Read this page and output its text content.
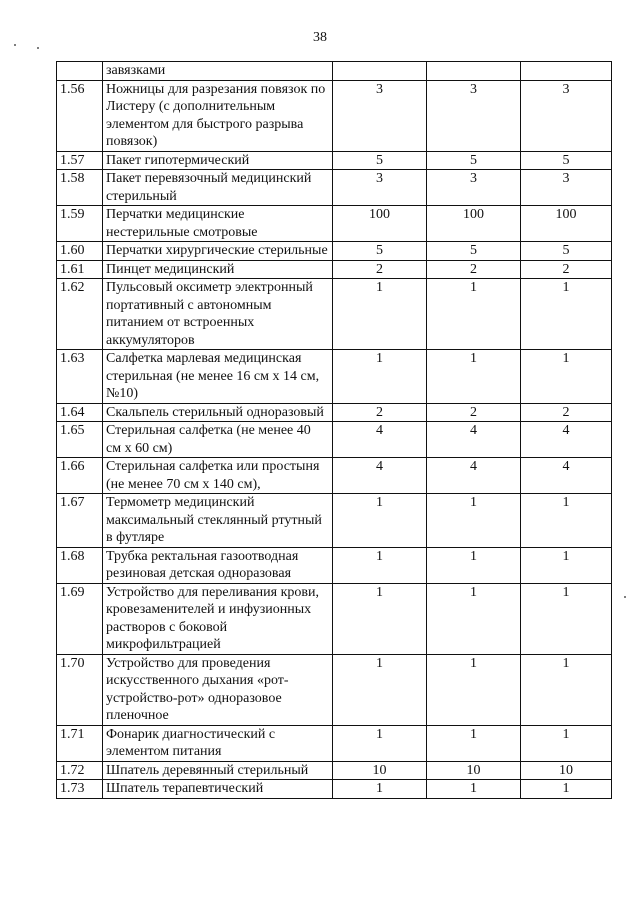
38
	завязками			
1.56	Ножницы для разрезания повязок по Листеру (с дополнительным элементом для быстрого разрыва повязок)	3	3	3
1.57	Пакет гипотермический	5	5	5
1.58	Пакет перевязочный медицинский стерильный	3	3	3
1.59	Перчатки медицинские нестерильные смотровые	100	100	100
1.60	Перчатки хирургические стерильные	5	5	5
1.61	Пинцет медицинский	2	2	2
1.62	Пульсовый оксиметр электронный портативный с автономным питанием от встроенных аккумуляторов	1	1	1
1.63	Салфетка марлевая медицинская стерильная (не менее 16 см х 14 см, №10)	1	1	1
1.64	Скальпель стерильный одноразовый	2	2	2
1.65	Стерильная салфетка (не менее 40 см х 60 см)	4	4	4
1.66	Стерильная салфетка или простыня (не менее 70 см х 140 см),	4	4	4
1.67	Термометр медицинский максимальный стеклянный ртутный в футляре	1	1	1
1.68	Трубка ректальная газоотводная резиновая детская одноразовая	1	1	1
1.69	Устройство для переливания крови, кровезаменителей и инфузионных растворов с боковой микрофильтрацией	1	1	1
1.70	Устройство для проведения искусственного дыхания «рот-устройство-рот» одноразовое пленочное	1	1	1
1.71	Фонарик диагностический с элементом питания	1	1	1
1.72	Шпатель деревянный стерильный	10	10	10
1.73	Шпатель терапевтический	1	1	1
